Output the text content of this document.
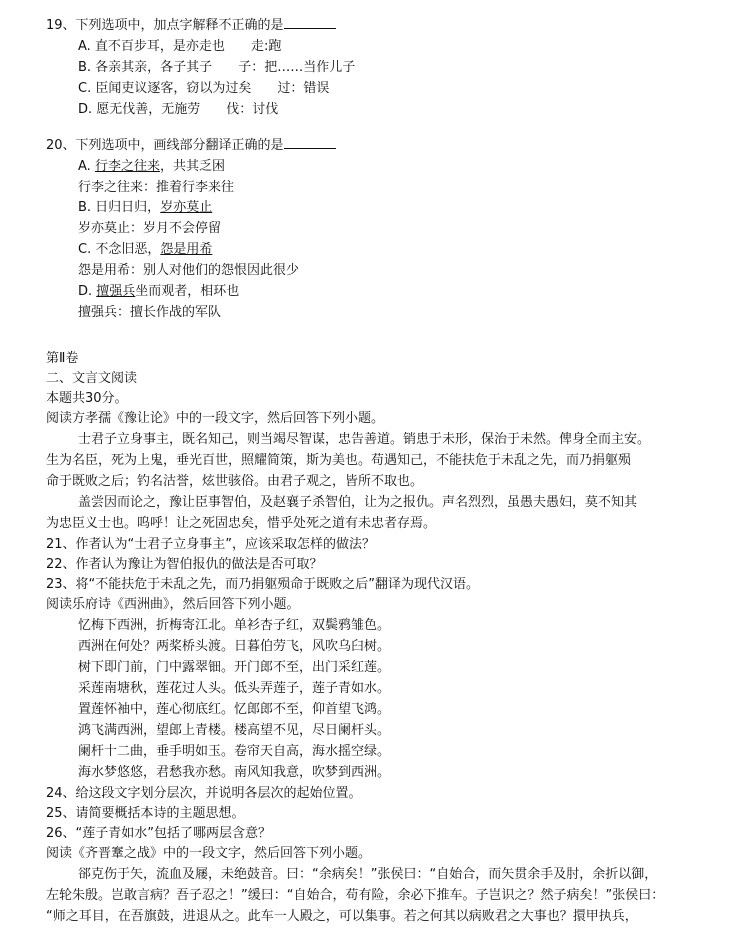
19、下列选项中，加点字解释不正确的是
A. 直不百步耳，是亦走也 走:跑
B. 各亲其亲，各子其子 子：把……当作儿子
C. 臣闻吏议逐客，窃以为过矣 过：错误
D. 愿无伐善，无施劳 伐：讨伐
20、下列选项中，画线部分翻译正确的是
A. 行李之往来，共其乏困
行李之往来：推着行李来往
B. 日归日归，岁亦莫止
岁亦莫止：岁月不会停留
C. 不念旧恶，怨是用希
怨是用希：别人对他们的怨恨因此很少
D. 擅强兵坐而观者，相环也
擅强兵：擅长作战的军队
第Ⅱ卷
二、文言文阅读
本题共30分。
阅读方孝孺《豫让论》中的一段文字，然后回答下列小题。
士君子立身事主，既名知己，则当竭尽智谋，忠告善道。销患于未形，保治于未然。俾身全而主安。
生为名臣，死为上鬼，垂光百世，照耀简策，斯为美也。苟遇知己，不能扶危于未乱之先，而乃捐躯殒
命于既败之后；钓名沽誉，炫世骇俗。由君子观之，皆所不取也。
盖尝因而论之，豫让臣事智伯，及赵襄子杀智伯，让为之报仇。声名烈烈，虽愚夫愚妇，莫不知其
为忠臣义士也。呜呼！让之死固忠矣，惜乎处死之道有未忠者存焉。
21、作者认为“士君子立身事主”，应该采取怎样的做法？
22、作者认为豫让为智伯报仇的做法是否可取？
23、将“不能扶危于未乱之先，而乃捐躯殒命于既败之后”翻译为现代汉语。
阅读乐府诗《西洲曲》，然后回答下列小题。
忆梅下西洲，折梅寄江北。单衫杏子红，双鬓鸦雏色。
西洲在何处？两桨桥头渡。日暮伯劳飞，风吹乌臼树。
树下即门前，门中露翠钿。开门郎不至，出门采红莲。
采莲南塘秋，莲花过人头。低头弄莲子，莲子青如水。
置莲怀袖中，莲心彻底红。忆郎郎不至，仰首望飞鸿。
鸿飞满西洲，望郎上青楼。楼高望不见，尽日阑杆头。
阑杆十二曲，垂手明如玉。卷帘天自高，海水摇空绿。
海水梦悠悠，君愁我亦愁。南风知我意，吹梦到西洲。
24、给这段文字划分层次，并说明各层次的起始位置。
25、请简要概括本诗的主题思想。
26、“莲子青如水”包括了哪两层含意？
阅读《齐晋鞌之战》中的一段文字，然后回答下列小题。
郤克伤于矢，流血及屦，未绝鼓音。曰：“余病矣！”张侯曰：“自始合，而矢贯余手及肘，余折以御，
左轮朱殷。岂敢言病？吾子忍之！”缓曰：“自始合，苟有险，余必下推车。子岂识之？然子病矣！”张侯曰：
“师之耳目，在吾旗鼓，进退从之。此车一人殿之，可以集事。若之何其以病败君之大事也？擐甲执兵，
